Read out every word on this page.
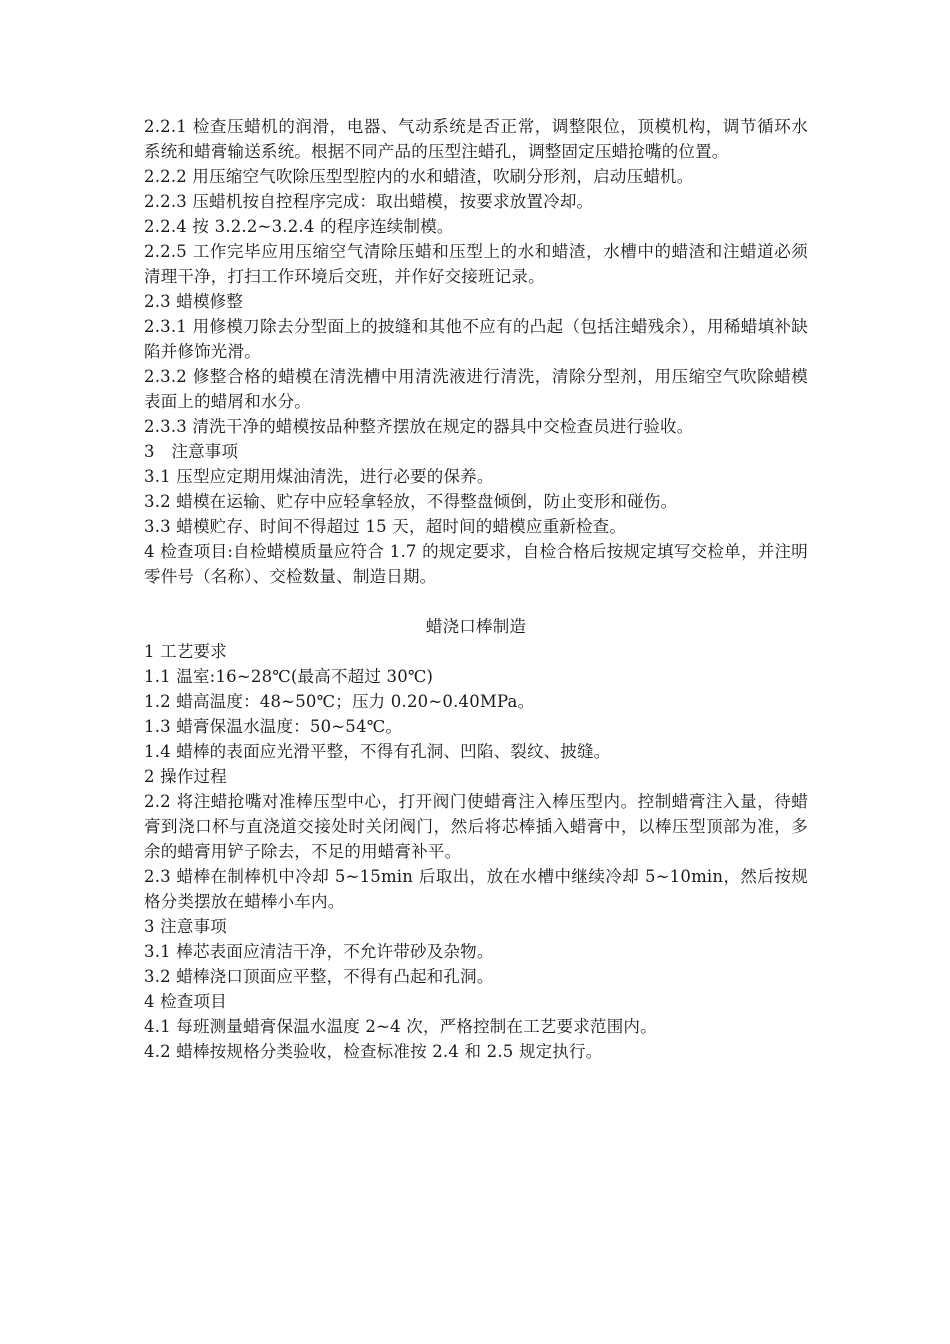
2.2.1 检查压蜡机的润滑，电器、气动系统是否正常，调整限位，顶模机构，调节循环水系统和蜡膏输送系统。根据不同产品的压型注蜡孔，调整固定压蜡抢嘴的位置。

2.2.2 用压缩空气吹除压型型腔内的水和蜡渣，吹刷分形剂，启动压蜡机。

2.2.3 压蜡机按自控程序完成：取出蜡模，按要求放置冷却。

2.2.4 按 3.2.2~3.2.4 的程序连续制模。

2.2.5 工作完毕应用压缩空气清除压蜡和压型上的水和蜡渣，水槽中的蜡渣和注蜡道必须清理干净，打扫工作环境后交班，并作好交接班记录。

2.3 蜡模修整

2.3.1 用修模刀除去分型面上的披缝和其他不应有的凸起（包括注蜡残余），用稀蜡填补缺陷并修饰光滑。

2.3.2 修整合格的蜡模在清洗槽中用清洗液进行清洗，清除分型剂，用压缩空气吹除蜡模表面上的蜡屑和水分。

2.3.3 清洗干净的蜡模按品种整齐摆放在规定的器具中交检查员进行验收。

3　注意事项

3.1 压型应定期用煤油清洗，进行必要的保养。

3.2 蜡模在运输、贮存中应轻拿轻放，不得整盘倾倒，防止变形和碰伤。

3.3 蜡模贮存、时间不得超过 15 天，超时间的蜡模应重新检查。

4 检查项目:自检蜡模质量应符合 1.7 的规定要求，自检合格后按规定填写交检单，并注明零件号（名称）、交检数量、制造日期。

蜡浇口棒制造

1 工艺要求

1.1 温室:16~28℃(最高不超过 30℃)

1.2 蜡高温度：48~50℃；压力 0.20~0.40MPa。

1.3 蜡膏保温水温度：50~54℃。

1.4 蜡棒的表面应光滑平整，不得有孔洞、凹陷、裂纹、披缝。

2 操作过程

2.2 将注蜡抢嘴对准棒压型中心，打开阀门使蜡膏注入棒压型内。控制蜡膏注入量，待蜡膏到浇口杯与直浇道交接处时关闭阀门，然后将芯棒插入蜡膏中，以棒压型顶部为准，多余的蜡膏用铲子除去，不足的用蜡膏补平。

2.3 蜡棒在制棒机中冷却 5~15min 后取出，放在水槽中继续冷却 5~10min，然后按规格分类摆放在蜡棒小车内。

3 注意事项

3.1 棒芯表面应清洁干净，不允许带砂及杂物。

3.2 蜡棒浇口顶面应平整，不得有凸起和孔洞。

4 检查项目

4.1 每班测量蜡膏保温水温度 2~4 次，严格控制在工艺要求范围内。

4.2 蜡棒按规格分类验收，检查标准按 2.4 和 2.5 规定执行。
